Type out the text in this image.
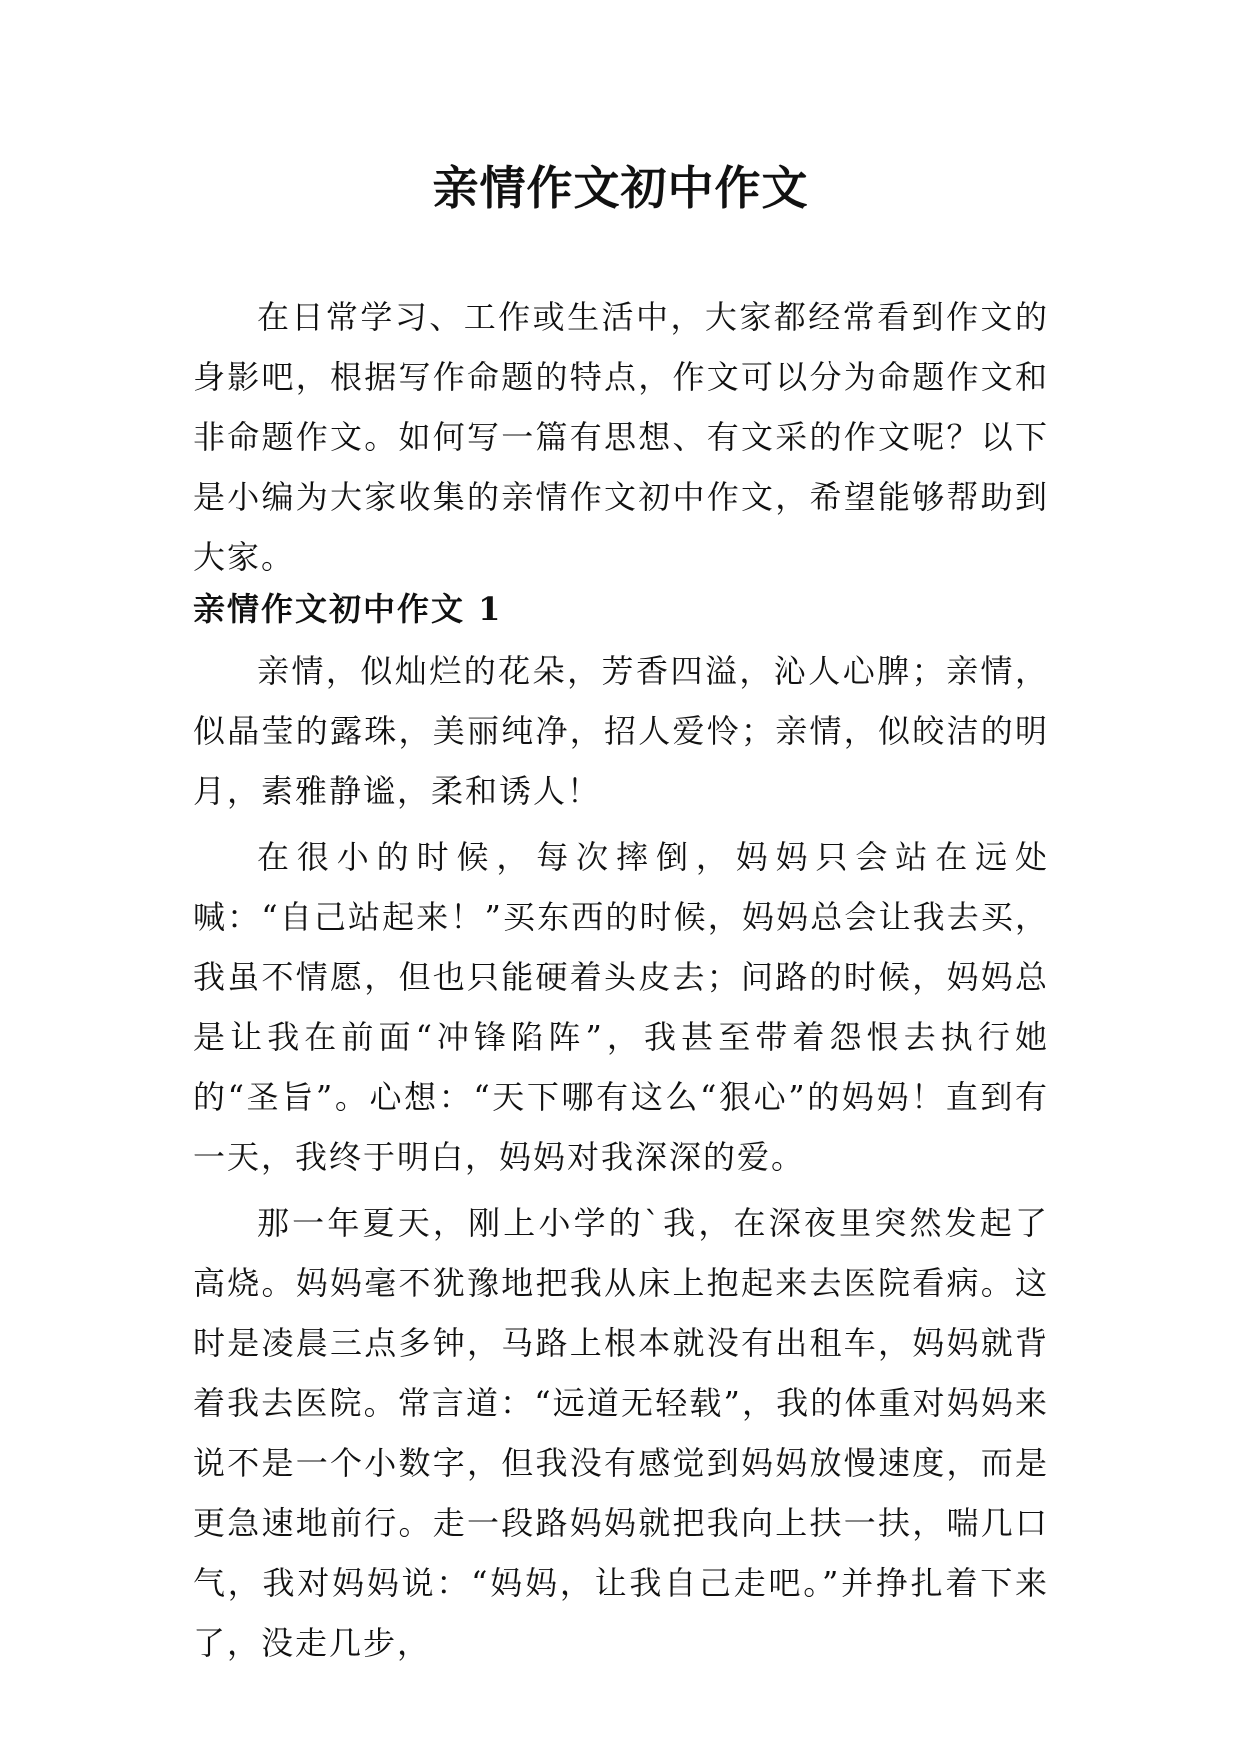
亲情作文初中作文

在日常学习、工作或生活中，大家都经常看到作文的身影吧，根据写作命题的特点，作文可以分为命题作文和非命题作文。如何写一篇有思想、有文采的作文呢？以下是小编为大家收集的亲情作文初中作文，希望能够帮助到大家。

亲情作文初中作文 1

亲情，似灿烂的花朵，芳香四溢，沁人心脾；亲情，似晶莹的露珠，美丽纯净，招人爱怜；亲情，似皎洁的明月，素雅静谧，柔和诱人！

在很小的时候，每次摔倒，妈妈只会站在远处喊：“自己站起来！”买东西的时候，妈妈总会让我去买，我虽不情愿，但也只能硬着头皮去；问路的时候，妈妈总是让我在前面“冲锋陷阵”，我甚至带着怨恨去执行她的“圣旨”。心想：“天下哪有这么“狠心”的妈妈！直到有一天，我终于明白，妈妈对我深深的爱。

那一年夏天，刚上小学的`我，在深夜里突然发起了高烧。妈妈毫不犹豫地把我从床上抱起来去医院看病。这时是凌晨三点多钟，马路上根本就没有出租车，妈妈就背着我去医院。常言道：“远道无轻载”，我的体重对妈妈来说不是一个小数字，但我没有感觉到妈妈放慢速度，而是更急速地前行。走一段路妈妈就把我向上扶一扶，喘几口气，我对妈妈说：“妈妈，让我自己走吧。”并挣扎着下来了，没走几步，
